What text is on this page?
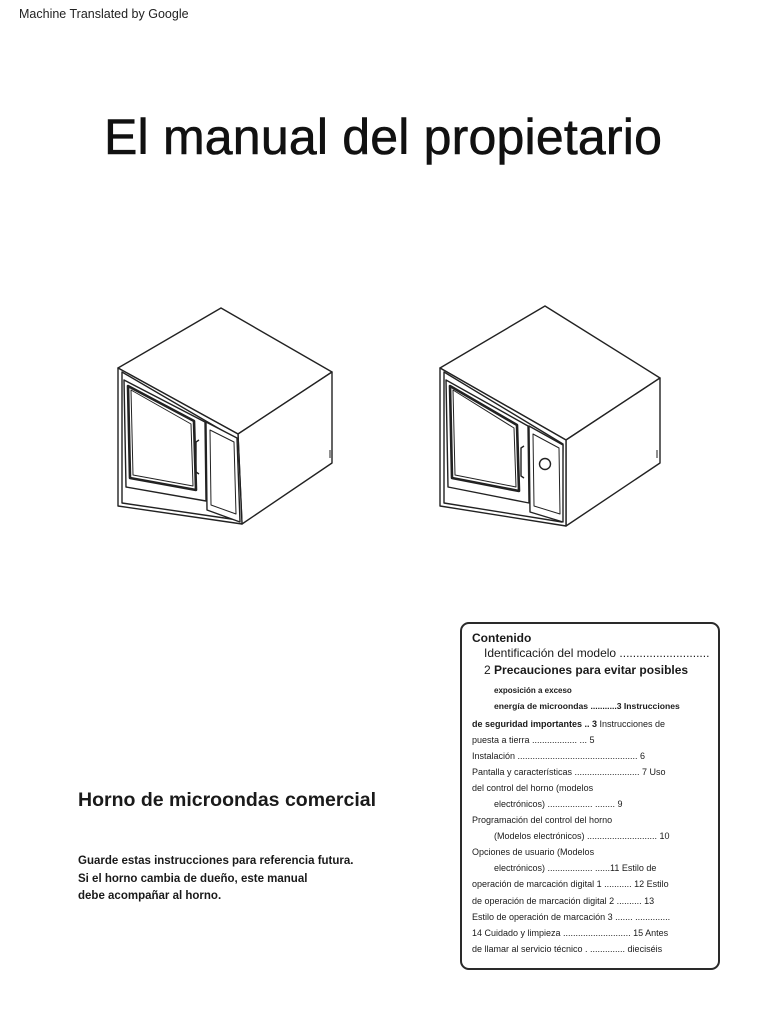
Machine Translated by Google
El manual del propietario
Horno de microondas comercial
Guarde estas instrucciones para referencia futura.
Si el horno cambia de dueño, este manual
debe acompañar al horno.
Contenido
Identificación del modelo ...........................
2 Precauciones para evitar posibles
exposición a exceso
energía de microondas ...........3 Instrucciones
de seguridad importantes .. 3 Instrucciones de
puesta a tierra .................. ... 5
Instalación ................................................ 6
Pantalla y características .......................... 7 Uso
del control del horno (modelos
electrónicos) .................. ........ 9
Programación del control del horno
(Modelos electrónicos) ............................ 10
Opciones de usuario (Modelos
electrónicos) .................. ......11 Estilo de
operación de marcación digital 1 ........... 12 Estilo
de operación de marcación digital 2 .......... 13
Estilo de operación de marcación 3 ....... ..............
14 Cuidado y limpieza ........................... 15 Antes
de llamar al servicio técnico . .............. dieciséis
